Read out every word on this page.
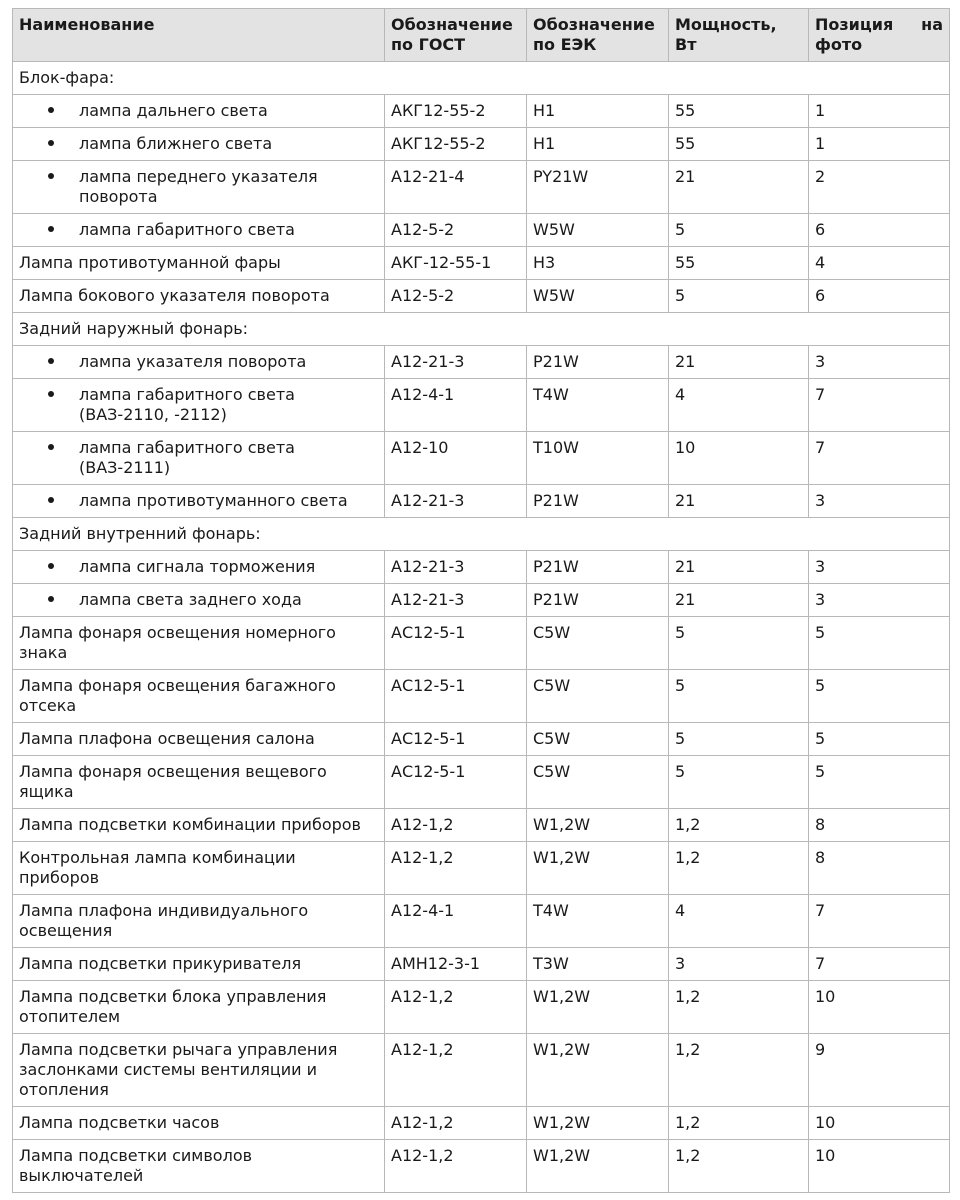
Наименование	Обозначение по ГОСТ	Обозначение по ЕЭК	Мощность, Вт	Позиция на
фото
Блок-фара:				

лампа дальнего света	АКГ12-55-2	H1	55	1

лампа ближнего света	АКГ12-55-2	H1	55	1

лампа переднего указателя поворота	А12-21-4	PY21W	21	2

лампа габаритного света	А12-5-2	W5W	5	6
Лампа противотуманной фары	АКГ-12-55-1	H3	55	4
Лампа бокового указателя поворота	А12-5-2	W5W	5	6
Задний наружный фонарь:				

лампа указателя поворота	А12-21-3	P21W	21	3

лампа габаритного света (ВАЗ-2110, -2112)	А12-4-1	T4W	4	7

лампа габаритного света (ВАЗ-2111)	А12-10	T10W	10	7

лампа противотуманного света	А12-21-3	P21W	21	3
Задний внутренний фонарь:				

лампа сигнала торможения	А12-21-3	P21W	21	3

лампа света заднего хода	А12-21-3	P21W	21	3
Лампа фонаря освещения номерного знака	АС12-5-1	C5W	5	5
Лампа фонаря освещения багажного отсека	АС12-5-1	C5W	5	5
Лампа плафона освещения салона	АС12-5-1	C5W	5	5
Лампа фонаря освещения вещевого ящика	АС12-5-1	C5W	5	5
Лампа подсветки комбинации приборов	А12-1,2	W1,2W	1,2	8
Контрольная лампа комбинации приборов	А12-1,2	W1,2W	1,2	8
Лампа плафона индивидуального освещения	А12-4-1	T4W	4	7
Лампа подсветки прикуривателя	АМН12-3-1	T3W	3	7
Лампа подсветки блока управления отопителем	А12-1,2	W1,2W	1,2	10
Лампа подсветки рычага управления заслонками системы вентиляции и отопления	А12-1,2	W1,2W	1,2	9
Лампа подсветки часов	А12-1,2	W1,2W	1,2	10
Лампа подсветки символов выключателей	А12-1,2	W1,2W	1,2	10
